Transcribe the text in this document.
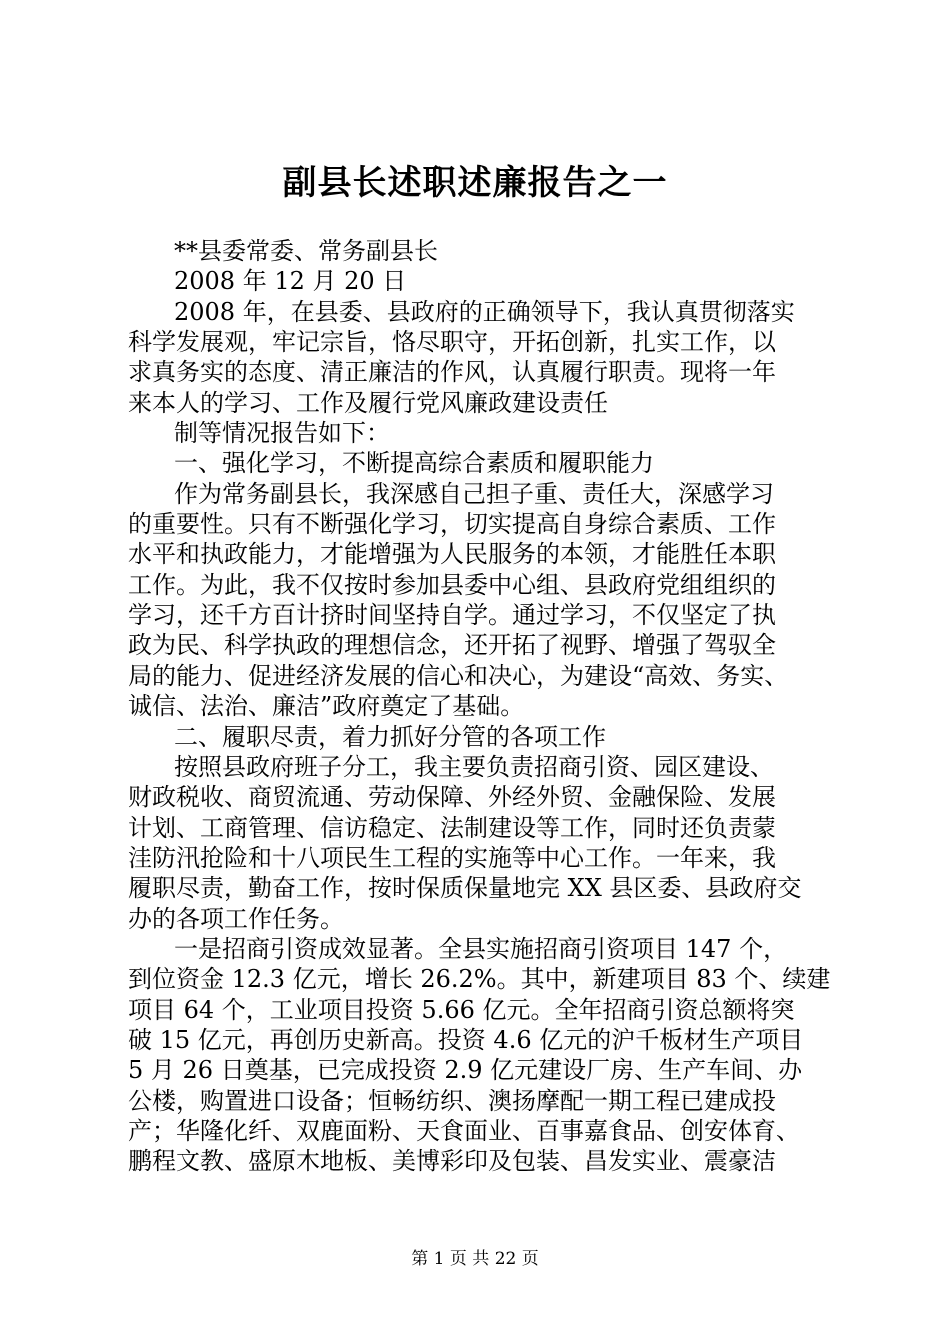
副县长述职述廉报告之一
**县委常委、常务副县长
2008 年 12 月 20 日
2008 年，在县委、县政府的正确领导下，我认真贯彻落实
科学发展观，牢记宗旨，恪尽职守，开拓创新，扎实工作，以
求真务实的态度、清正廉洁的作风，认真履行职责。现将一年
来本人的学习、工作及履行党风廉政建设责任
制等情况报告如下：
一、强化学习，不断提高综合素质和履职能力
作为常务副县长，我深感自己担子重、责任大，深感学习
的重要性。只有不断强化学习，切实提高自身综合素质、工作
水平和执政能力，才能增强为人民服务的本领，才能胜任本职
工作。为此，我不仅按时参加县委中心组、县政府党组组织的
学习，还千方百计挤时间坚持自学。通过学习，不仅坚定了执
政为民、科学执政的理想信念，还开拓了视野、增强了驾驭全
局的能力、促进经济发展的信心和决心，为建设“高效、务实、
诚信、法治、廉洁”政府奠定了基础。
二、履职尽责，着力抓好分管的各项工作
按照县政府班子分工，我主要负责招商引资、园区建设、
财政税收、商贸流通、劳动保障、外经外贸、金融保险、发展
计划、工商管理、信访稳定、法制建设等工作，同时还负责蒙
洼防汛抢险和十八项民生工程的实施等中心工作。一年来，我
履职尽责，勤奋工作，按时保质保量地完 XX 县区委、县政府交
办的各项工作任务。
一是招商引资成效显著。全县实施招商引资项目 147 个，
到位资金 12.3 亿元，增长 26.2%。其中，新建项目 83 个、续建
项目 64 个，工业项目投资 5.66 亿元。全年招商引资总额将突
破 15 亿元，再创历史新高。投资 4.6 亿元的沪千板材生产项目
5 月 26 日奠基，已完成投资 2.9 亿元建设厂房、生产车间、办
公楼，购置进口设备；恒畅纺织、澳扬摩配一期工程已建成投
产；华隆化纤、双鹿面粉、天食面业、百事嘉食品、创安体育、
鹏程文教、盛原木地板、美博彩印及包装、昌发实业、震豪洁
第 1 页 共 22 页
